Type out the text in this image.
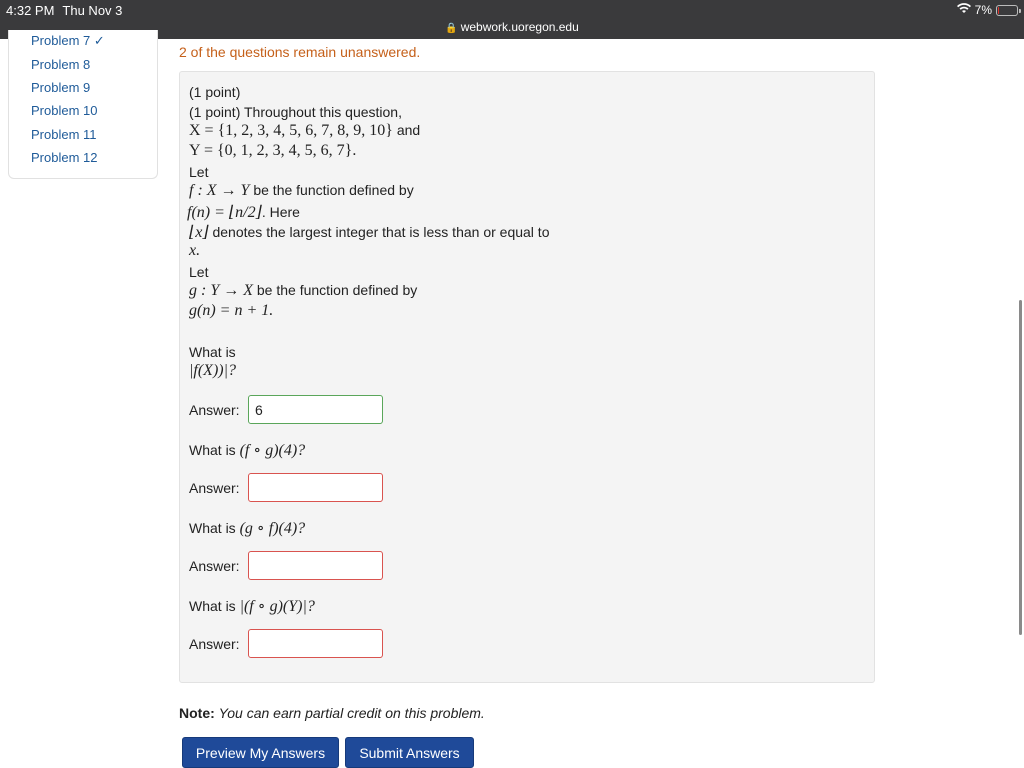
4:32 PM Thu Nov 3	7%
🔒 webwork.uoregon.edu
Problem 7 ✓
Problem 8
Problem 9
Problem 10
Problem 11
Problem 12
2 of the questions remain unanswered.
(1 point)
(1 point) Throughout this question,
X = {1, 2, 3, 4, 5, 6, 7, 8, 9, 10} and
Y = {0, 1, 2, 3, 4, 5, 6, 7}.
Let
f : X → Y be the function defined by
f(n) = ⌊n/2⌋. Here
⌊x⌋ denotes the largest integer that is less than or equal to
x.
Let
g : Y → X be the function defined by
g(n) = n + 1.
What is
|f(X))|?
Answer:
6
What is (f ∘ g)(4)?
Answer:
What is (g ∘ f)(4)?
Answer:
What is |(f ∘ g)(Y)|?
Answer:
Note: You can earn partial credit on this problem.
Preview My Answers	Submit Answers
